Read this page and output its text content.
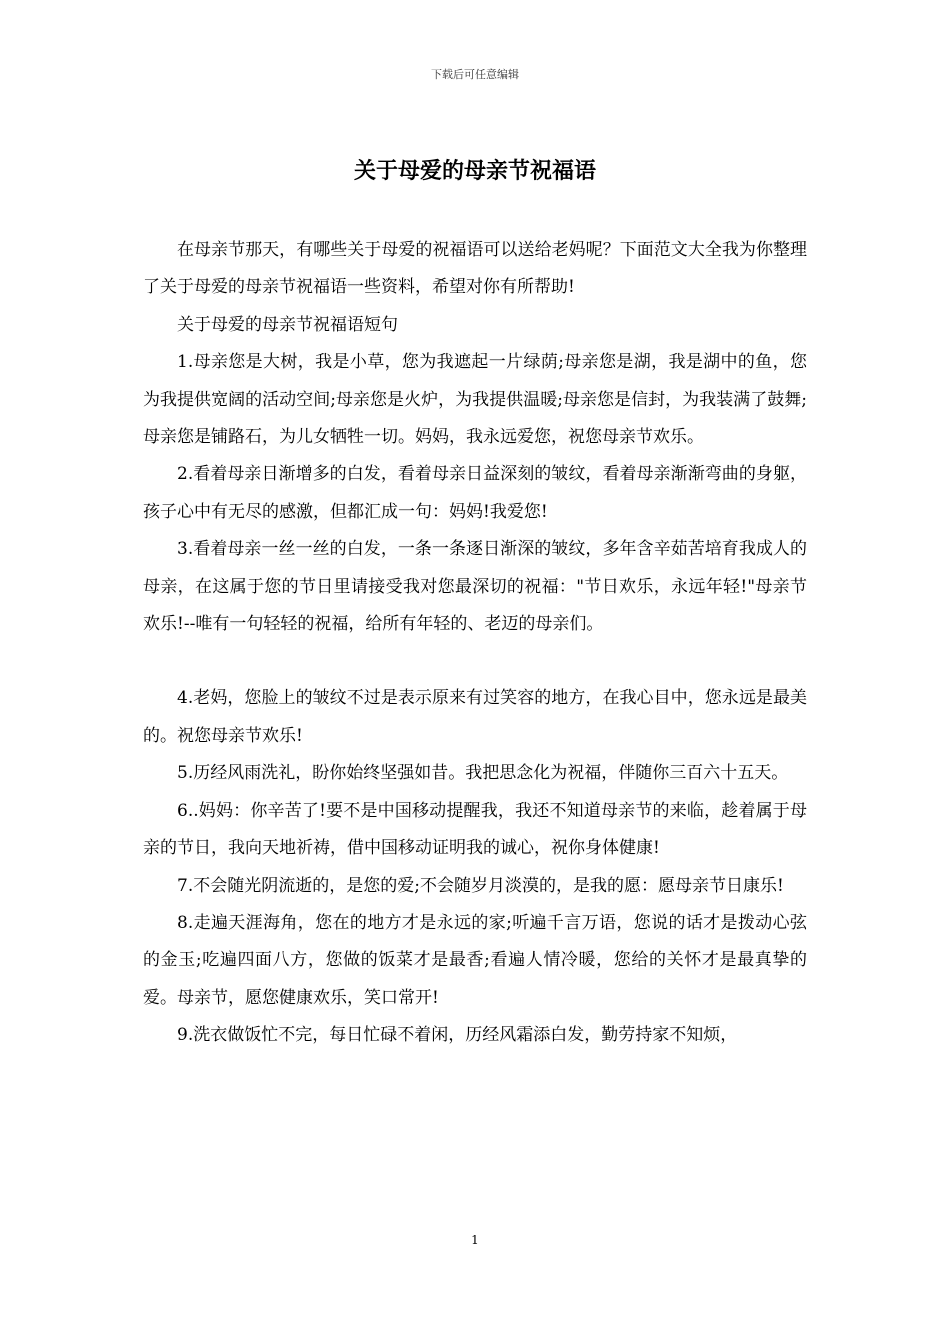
下载后可任意编辑
关于母爱的母亲节祝福语

在母亲节那天，有哪些关于母爱的祝福语可以送给老妈呢？下面范文大全我为你整理了关于母爱的母亲节祝福语一些资料，希望对你有所帮助!

关于母爱的母亲节祝福语短句

1.母亲您是大树，我是小草，您为我遮起一片绿荫;母亲您是湖，我是湖中的鱼，您为我提供宽阔的活动空间;母亲您是火炉，为我提供温暖;母亲您是信封，为我装满了鼓舞;母亲您是铺路石，为儿女牺牲一切。妈妈，我永远爱您，祝您母亲节欢乐。

2.看着母亲日渐增多的白发，看着母亲日益深刻的皱纹，看着母亲渐渐弯曲的身躯，孩子心中有无尽的感激，但都汇成一句：妈妈!我爱您!

3.看着母亲一丝一丝的白发，一条一条逐日渐深的皱纹，多年含辛茹苦培育我成人的母亲，在这属于您的节日里请接受我对您最深切的祝福："节日欢乐，永远年轻!"母亲节欢乐!--唯有一句轻轻的祝福，给所有年轻的、老迈的母亲们。

4.老妈，您脸上的皱纹不过是表示原来有过笑容的地方，在我心目中，您永远是最美的。祝您母亲节欢乐!

5.历经风雨洗礼，盼你始终坚强如昔。我把思念化为祝福，伴随你三百六十五天。

6..妈妈：你辛苦了!要不是中国移动提醒我，我还不知道母亲节的来临，趁着属于母亲的节日，我向天地祈祷，借中国移动证明我的诚心，祝你身体健康!

7.不会随光阴流逝的，是您的爱;不会随岁月淡漠的，是我的愿：愿母亲节日康乐!

8.走遍天涯海角，您在的地方才是永远的家;听遍千言万语，您说的话才是拨动心弦的金玉;吃遍四面八方，您做的饭菜才是最香;看遍人情冷暖，您给的关怀才是最真挚的爱。母亲节，愿您健康欢乐，笑口常开!

9.洗衣做饭忙不完，每日忙碌不着闲，历经风霜添白发，勤劳持家不知烦，

1
